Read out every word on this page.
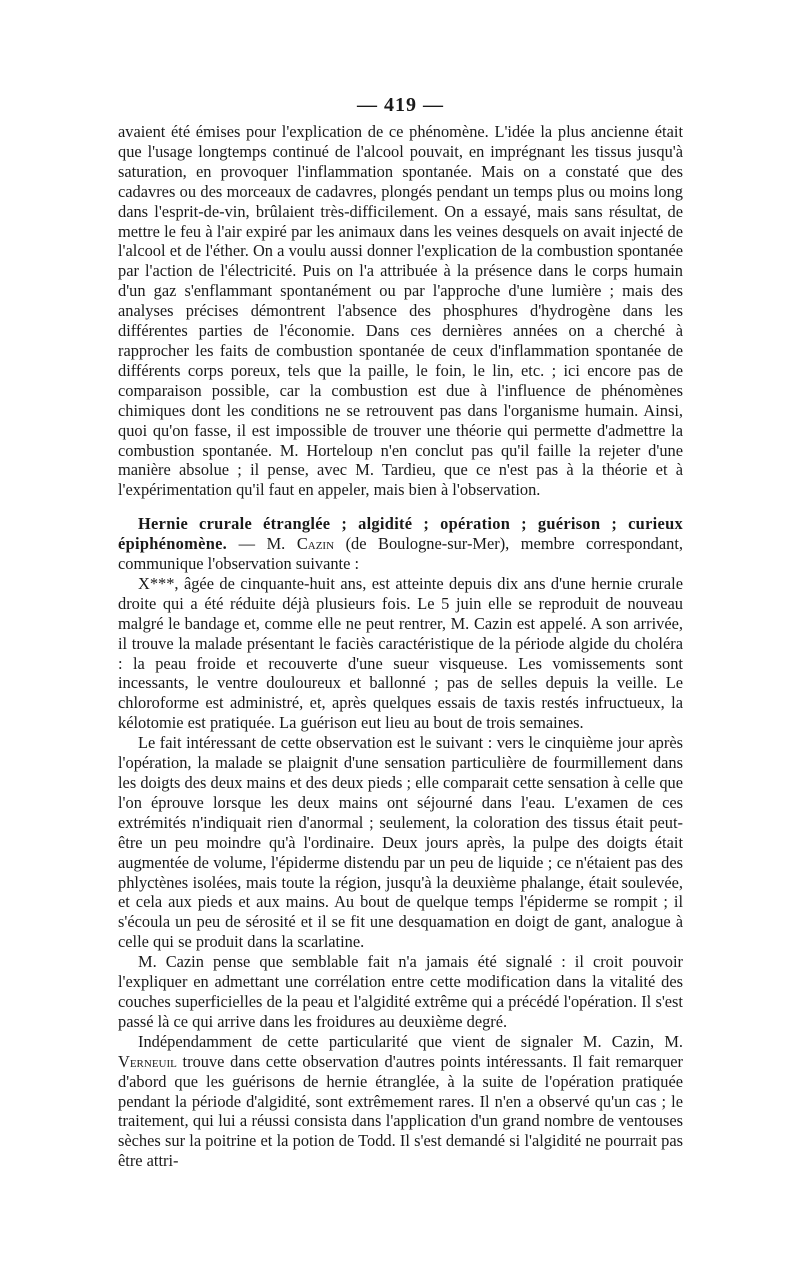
— 419 —

avaient été émises pour l'explication de ce phénomène. L'idée la plus ancienne était que l'usage longtemps continué de l'alcool pouvait, en imprégnant les tissus jusqu'à saturation, en provoquer l'inflammation spontanée. Mais on a constaté que des cadavres ou des morceaux de cadavres, plongés pendant un temps plus ou moins long dans l'esprit-de-vin, brûlaient très-difficilement. On a essayé, mais sans résultat, de mettre le feu à l'air expiré par les animaux dans les veines desquels on avait injecté de l'alcool et de l'éther. On a voulu aussi donner l'explication de la combustion spontanée par l'action de l'électricité. Puis on l'a attribuée à la présence dans le corps humain d'un gaz s'enflammant spontanément ou par l'approche d'une lumière ; mais des analyses précises démontrent l'absence des phosphures d'hydrogène dans les différentes parties de l'économie. Dans ces dernières années on a cherché à rapprocher les faits de combustion spontanée de ceux d'inflammation spontanée de différents corps poreux, tels que la paille, le foin, le lin, etc. ; ici encore pas de comparaison possible, car la combustion est due à l'influence de phénomènes chimiques dont les conditions ne se retrouvent pas dans l'organisme humain. Ainsi, quoi qu'on fasse, il est impossible de trouver une théorie qui permette d'admettre la combustion spontanée. M. Horteloup n'en conclut pas qu'il faille la rejeter d'une manière absolue ; il pense, avec M. Tardieu, que ce n'est pas à la théorie et à l'expérimentation qu'il faut en appeler, mais bien à l'observation.

Hernie crurale étranglée ; algidité ; opération ; guérison ; curieux épiphénomène. — M. Cazin (de Boulogne-sur-Mer), membre correspondant, communique l'observation suivante :

X***, âgée de cinquante-huit ans, est atteinte depuis dix ans d'une hernie crurale droite qui a été réduite déjà plusieurs fois. Le 5 juin elle se reproduit de nouveau malgré le bandage et, comme elle ne peut rentrer, M. Cazin est appelé. A son arrivée, il trouve la malade présentant le faciès caractéristique de la période algide du choléra : la peau froide et recouverte d'une sueur visqueuse. Les vomissements sont incessants, le ventre douloureux et ballonné ; pas de selles depuis la veille. Le chloroforme est administré, et, après quelques essais de taxis restés infructueux, la kélotomie est pratiquée. La guérison eut lieu au bout de trois semaines.

Le fait intéressant de cette observation est le suivant : vers le cinquième jour après l'opération, la malade se plaignit d'une sensation particulière de fourmillement dans les doigts des deux mains et des deux pieds ; elle comparait cette sensation à celle que l'on éprouve lorsque les deux mains ont séjourné dans l'eau. L'examen de ces extrémités n'indiquait rien d'anormal ; seulement, la coloration des tissus était peut-être un peu moindre qu'à l'ordinaire. Deux jours après, la pulpe des doigts était augmentée de volume, l'épiderme distendu par un peu de liquide ; ce n'étaient pas des phlyctènes isolées, mais toute la région, jusqu'à la deuxième phalange, était soulevée, et cela aux pieds et aux mains. Au bout de quelque temps l'épiderme se rompit ; il s'écoula un peu de sérosité et il se fit une desquamation en doigt de gant, analogue à celle qui se produit dans la scarlatine.

M. Cazin pense que semblable fait n'a jamais été signalé : il croit pouvoir l'expliquer en admettant une corrélation entre cette modification dans la vitalité des couches superficielles de la peau et l'algidité extrême qui a précédé l'opération. Il s'est passé là ce qui arrive dans les froidures au deuxième degré.

Indépendamment de cette particularité que vient de signaler M. Cazin, M. Verneuil trouve dans cette observation d'autres points intéressants. Il fait remarquer d'abord que les guérisons de hernie étranglée, à la suite de l'opération pratiquée pendant la période d'algidité, sont extrêmement rares. Il n'en a observé qu'un cas ; le traitement, qui lui a réussi consista dans l'application d'un grand nombre de ventouses sèches sur la poitrine et la potion de Todd. Il s'est demandé si l'algidité ne pourrait pas être attri-
